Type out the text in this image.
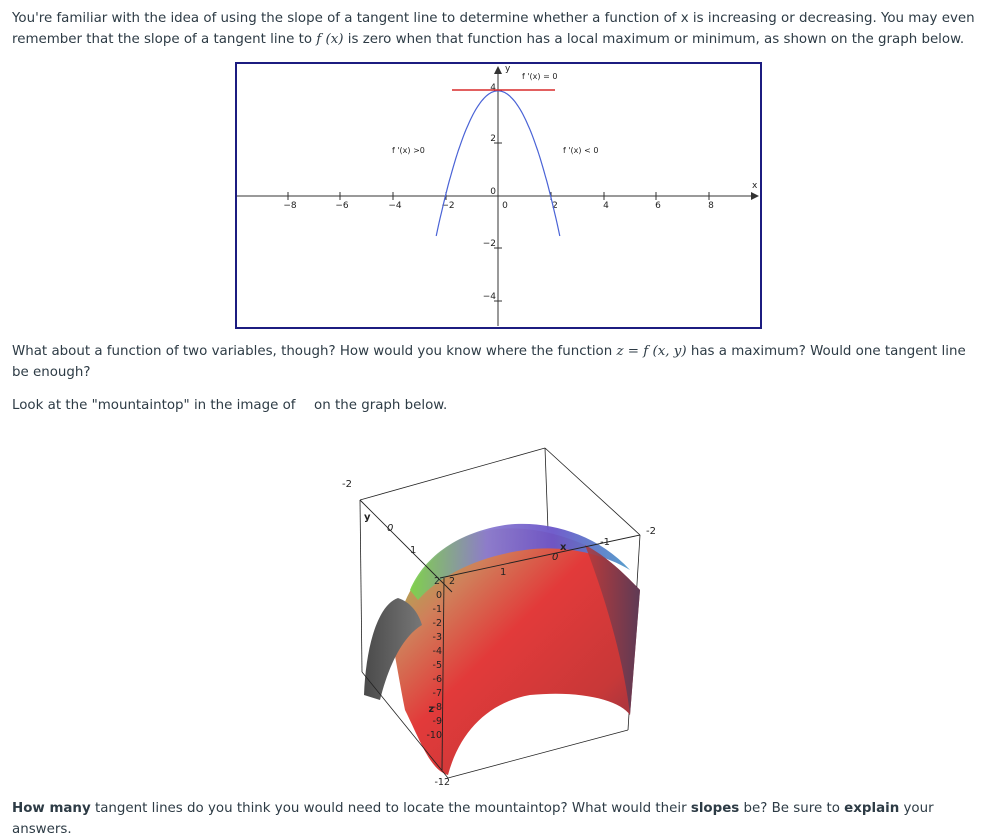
You're familiar with the idea of using the slope of a tangent line to determine whether a function of x is increasing or decreasing. You may even remember that the slope of a tangent line to f (x) is zero when that function has a local maximum or minimum, as shown on the graph below.

x
y
−8	−6	−4	−2	0	2	4	6	8
4
2
0
−2
−4
f '(x) = 0
f '(x) >0	f '(x) < 0

What about a function of two variables, though? How would you know where the function z = f (x, y) has a maximum? Would one tangent line be enough?

Look at the "mountaintop" in the image of  on the graph below.

y
0
1
-2
1
0
x	-1
-2
2 2
0
-1
-2
-3
-4
-5
-6
-7
-8
-9
-10
z
-12

How many tangent lines do you think you would need to locate the mountaintop? What would their slopes be? Be sure to explain your answers.
